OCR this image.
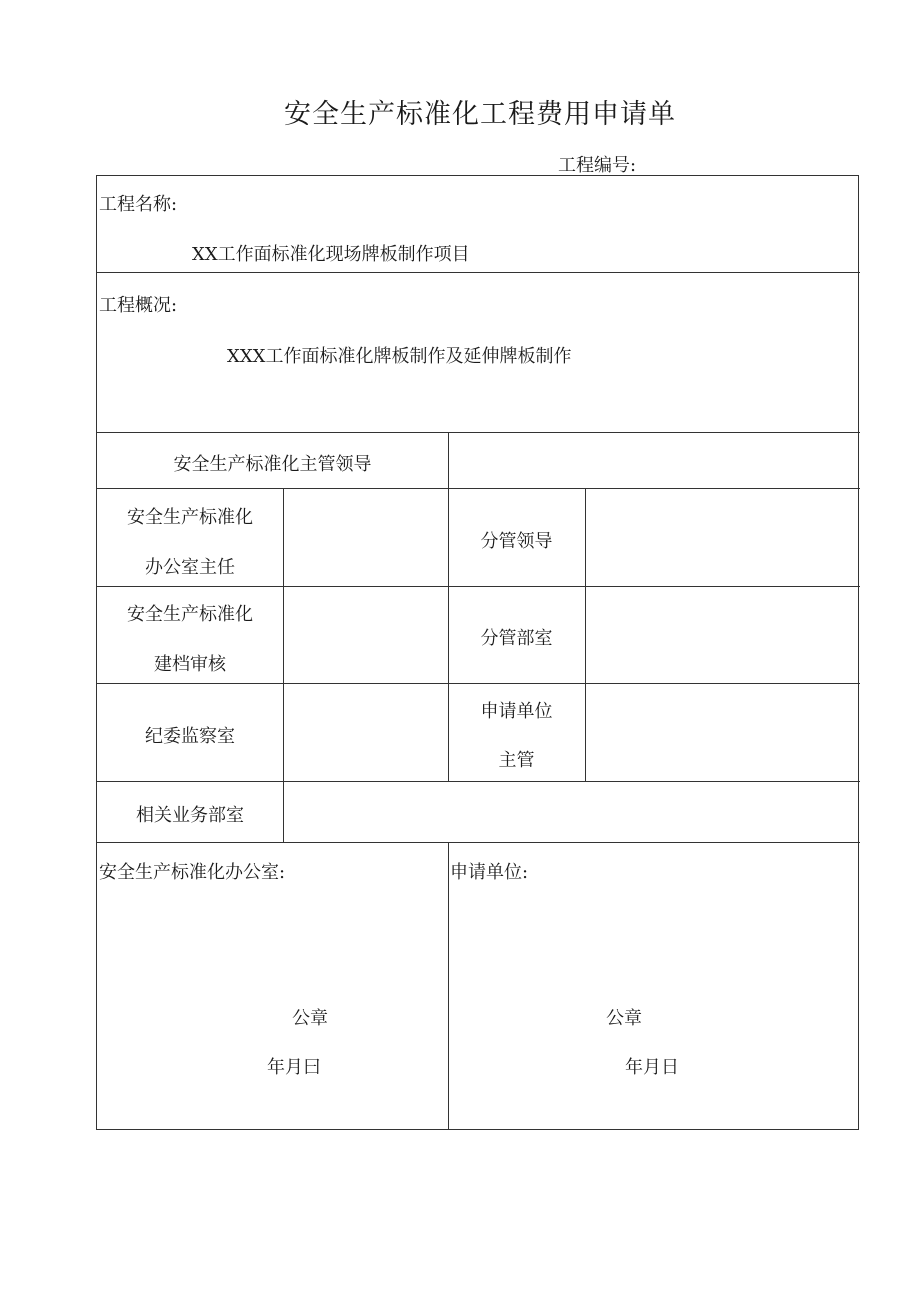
安全生产标准化工程费用申请单
工程编号:
工程名称:
XX工作面标准化现场牌板制作项目
工程概况:
XXX工作面标准化牌板制作及延伸牌板制作
安全生产标准化主管领导
安全生产标准化
办公室主任
分管领导
安全生产标准化
建档审核
分管部室
纪委监察室
申请单位
主管
相关业务部室
安全生产标准化办公室:	申请单位:
公章
年月曰
公章
年月日
